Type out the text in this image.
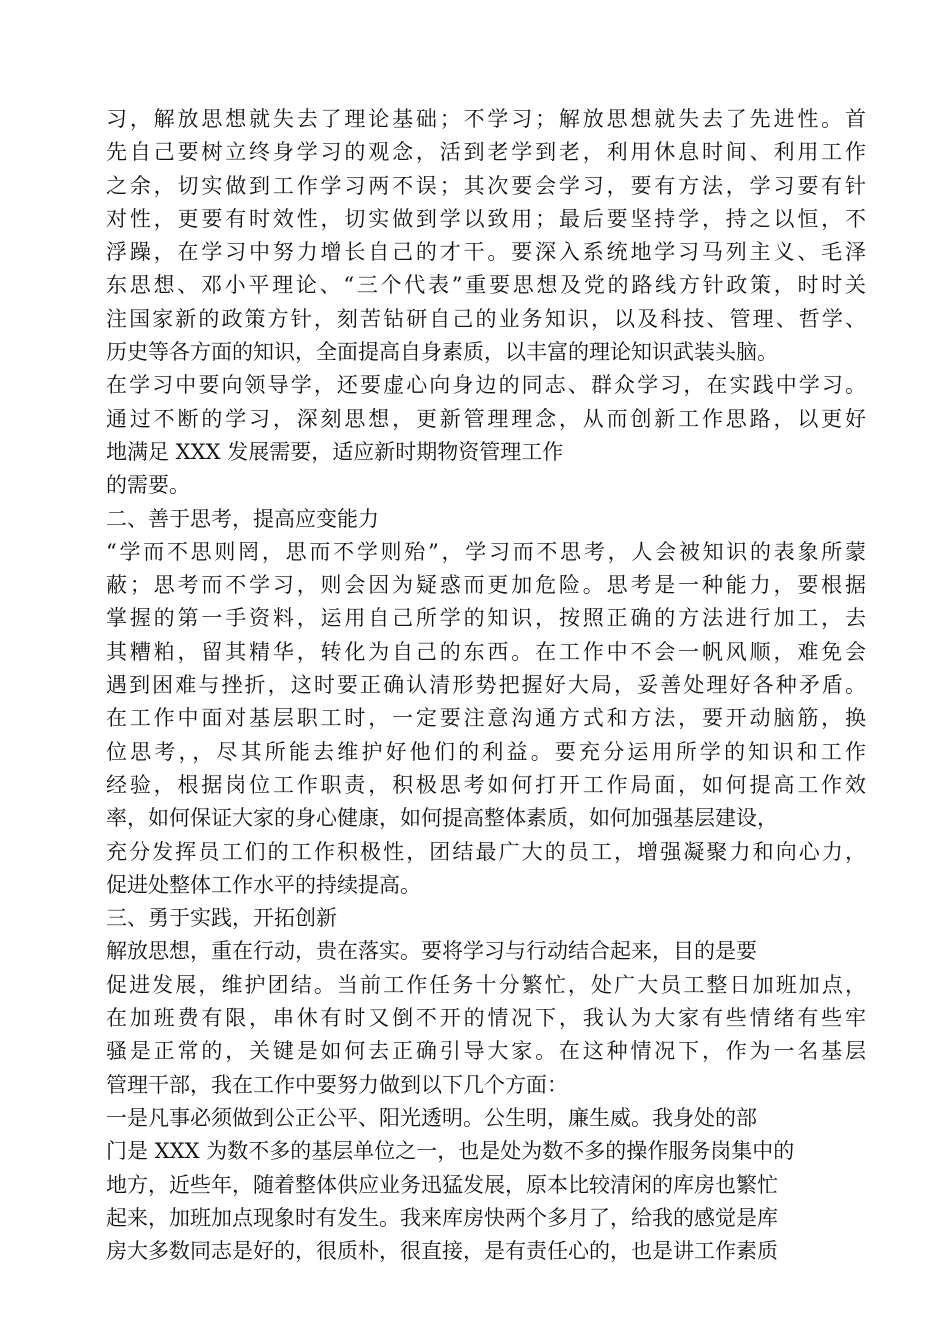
习，解放思想就失去了理论基础；不学习；解放思想就失去了先进性。首
先自己要树立终身学习的观念，活到老学到老，利用休息时间、利用工作
之余，切实做到工作学习两不误；其次要会学习，要有方法，学习要有针
对性，更要有时效性，切实做到学以致用；最后要坚持学，持之以恒，不
浮躁，在学习中努力增长自己的才干。要深入系统地学习马列主义、毛泽
东思想、邓小平理论、“三个代表”重要思想及党的路线方针政策，时时关
注国家新的政策方针，刻苦钻研自己的业务知识，以及科技、管理、哲学、
历史等各方面的知识，全面提高自身素质，以丰富的理论知识武装头脑。
在学习中要向领导学，还要虚心向身边的同志、群众学习，在实践中学习。
通过不断的学习，深刻思想，更新管理理念，从而创新工作思路，以更好
地满足 XXX 发展需要，适应新时期物资管理工作
的需要。
二、善于思考，提高应变能力
“学而不思则罔，思而不学则殆”，学习而不思考，人会被知识的表象所蒙
蔽；思考而不学习，则会因为疑惑而更加危险。思考是一种能力，要根据
掌握的第一手资料，运用自己所学的知识，按照正确的方法进行加工，去
其糟粕，留其精华，转化为自己的东西。在工作中不会一帆风顺，难免会
遇到困难与挫折，这时要正确认清形势把握好大局，妥善处理好各种矛盾。
在工作中面对基层职工时，一定要注意沟通方式和方法，要开动脑筋，换
位思考，，尽其所能去维护好他们的利益。要充分运用所学的知识和工作
经验，根据岗位工作职责，积极思考如何打开工作局面，如何提高工作效
率，如何保证大家的身心健康，如何提高整体素质，如何加强基层建设，
充分发挥员工们的工作积极性，团结最广大的员工，增强凝聚力和向心力，
促进处整体工作水平的持续提高。
三、勇于实践，开拓创新
解放思想，重在行动，贵在落实。要将学习与行动结合起来，目的是要
促进发展，维护团结。当前工作任务十分繁忙，处广大员工整日加班加点，
在加班费有限，串休有时又倒不开的情况下，我认为大家有些情绪有些牢
骚是正常的，关键是如何去正确引导大家。在这种情况下，作为一名基层
管理干部，我在工作中要努力做到以下几个方面：
一是凡事必须做到公正公平、阳光透明。公生明，廉生威。我身处的部
门是 XXX 为数不多的基层单位之一，也是处为数不多的操作服务岗集中的
地方，近些年，随着整体供应业务迅猛发展，原本比较清闲的库房也繁忙
起来，加班加点现象时有发生。我来库房快两个多月了，给我的感觉是库
房大多数同志是好的，很质朴，很直接，是有责任心的，也是讲工作素质
